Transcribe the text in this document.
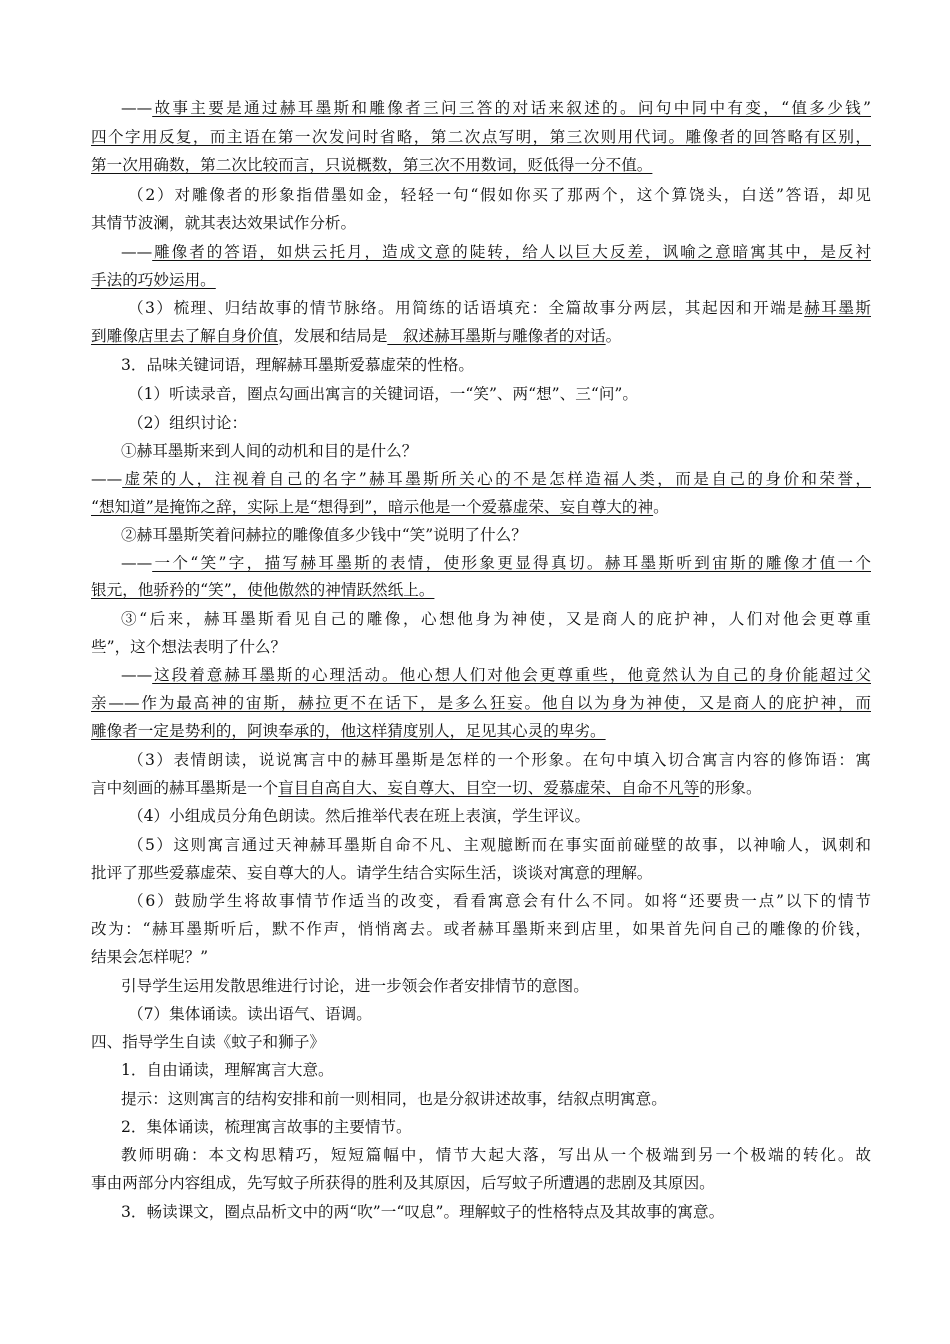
——故事主要是通过赫耳墨斯和雕像者三问三答的对话来叙述的。问句中同中有变，“值多少钱”
四个字用反复，而主语在第一次发问时省略，第二次点写明，第三次则用代词。雕像者的回答略有区别，
第一次用确数，第二次比较而言，只说概数，第三次不用数词，贬低得一分不值。
（2）对雕像者的形象指借墨如金，轻轻一句“假如你买了那两个，这个算饶头，白送”答语，却见
其情节波澜，就其表达效果试作分析。
——雕像者的答语，如烘云托月，造成文意的陡转，给人以巨大反差，讽喻之意暗寓其中，是反衬
手法的巧妙运用。
（3）梳理、归结故事的情节脉络。用简练的话语填充：全篇故事分两层，其起因和开端是赫耳墨斯
到雕像店里去了解自身价值，发展和结局是　叙述赫耳墨斯与雕像者的对话。
3．品味关键词语，理解赫耳墨斯爱慕虚荣的性格。
（1）听读录音，圈点勾画出寓言的关键词语，一“笑”、两“想”、三“问”。
（2）组织讨论：
①赫耳墨斯来到人间的动机和目的是什么？
——虚荣的人，注视着自己的名字”赫耳墨斯所关心的不是怎样造福人类，而是自己的身价和荣誉，
“想知道”是掩饰之辞，实际上是“想得到”，暗示他是一个爱慕虚荣、妄自尊大的神。
②赫耳墨斯笑着问赫拉的雕像值多少钱中“笑”说明了什么？
——一个“笑”字，描写赫耳墨斯的表情，使形象更显得真切。赫耳墨斯听到宙斯的雕像才值一个
银元，他骄矜的“笑”，使他傲然的神情跃然纸上。
③“后来，赫耳墨斯看见自己的雕像，心想他身为神使，又是商人的庇护神，人们对他会更尊重
些”，这个想法表明了什么？
——这段着意赫耳墨斯的心理活动。他心想人们对他会更尊重些，他竟然认为自己的身价能超过父
亲——作为最高神的宙斯，赫拉更不在话下，是多么狂妄。他自以为身为神使，又是商人的庇护神，而
雕像者一定是势利的，阿谀奉承的，他这样猜度别人，足见其心灵的卑劣。
（3）表情朗读，说说寓言中的赫耳墨斯是怎样的一个形象。在句中填入切合寓言内容的修饰语：寓
言中刻画的赫耳墨斯是一个盲目自高自大、妄自尊大、目空一切、爱慕虚荣、自命不凡等的形象。
（4）小组成员分角色朗读。然后推举代表在班上表演，学生评议。
（5）这则寓言通过天神赫耳墨斯自命不凡、主观臆断而在事实面前碰壁的故事，以神喻人，讽刺和
批评了那些爱慕虚荣、妄自尊大的人。请学生结合实际生活，谈谈对寓意的理解。
（6）鼓励学生将故事情节作适当的改变，看看寓意会有什么不同。如将“还要贵一点”以下的情节
改为：“赫耳墨斯听后，默不作声，悄悄离去。或者赫耳墨斯来到店里，如果首先问自己的雕像的价钱，
结果会怎样呢？”
引导学生运用发散思维进行讨论，进一步领会作者安排情节的意图。
（7）集体诵读。读出语气、语调。
四、指导学生自读《蚊子和狮子》
1．自由诵读，理解寓言大意。
提示：这则寓言的结构安排和前一则相同，也是分叙讲述故事，结叙点明寓意。
2．集体诵读，梳理寓言故事的主要情节。
教师明确：本文构思精巧，短短篇幅中，情节大起大落，写出从一个极端到另一个极端的转化。故
事由两部分内容组成，先写蚊子所获得的胜利及其原因，后写蚊子所遭遇的悲剧及其原因。
3．畅读课文，圈点品析文中的两“吹”一“叹息”。理解蚊子的性格特点及其故事的寓意。
